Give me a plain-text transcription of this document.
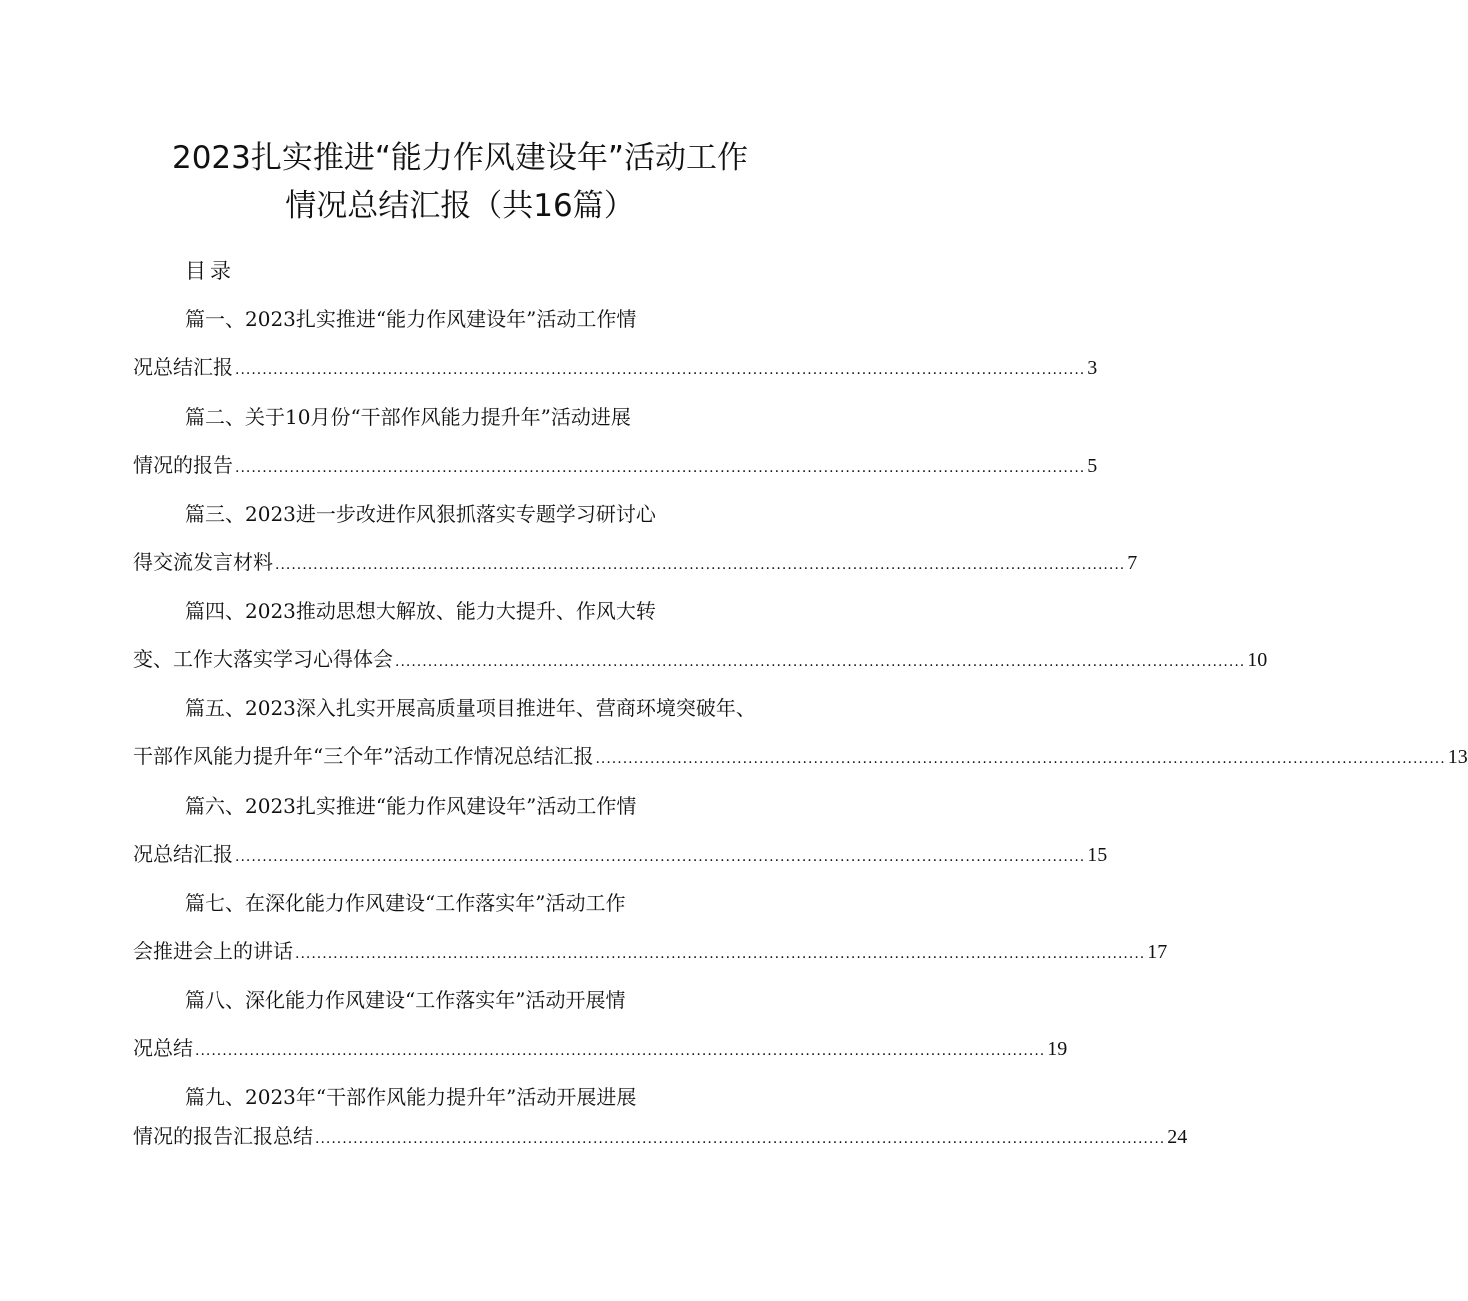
2023扎实推进“能力作风建设年”活动工作
情况总结汇报（共16篇）
目录
篇一、2023扎实推进“能力作风建设年”活动工作情
况总结汇报 ............................................................................................................................................................ 3
篇二、关于10月份“干部作风能力提升年”活动进展
情况的报告 ............................................................................................................................................................ 5
篇三、2023进一步改进作风狠抓落实专题学习研讨心
得交流发言材料 ............................................................................................................................................................ 7
篇四、2023推动思想大解放、能力大提升、作风大转
变、工作大落实学习心得体会 ............................................................................................................................................................ 10
篇五、2023深入扎实开展高质量项目推进年、营商环境突破年、
干部作风能力提升年“三个年”活动工作情况总结汇报 ............................................................................................................................................................ 13
篇六、2023扎实推进“能力作风建设年”活动工作情
况总结汇报 ............................................................................................................................................................ 15
篇七、在深化能力作风建设“工作落实年”活动工作
会推进会上的讲话 ............................................................................................................................................................ 17
篇八、深化能力作风建设“工作落实年”活动开展情
况总结 ............................................................................................................................................................ 19
篇九、2023年“干部作风能力提升年”活动开展进展
情况的报告汇报总结 ............................................................................................................................................................ 24
